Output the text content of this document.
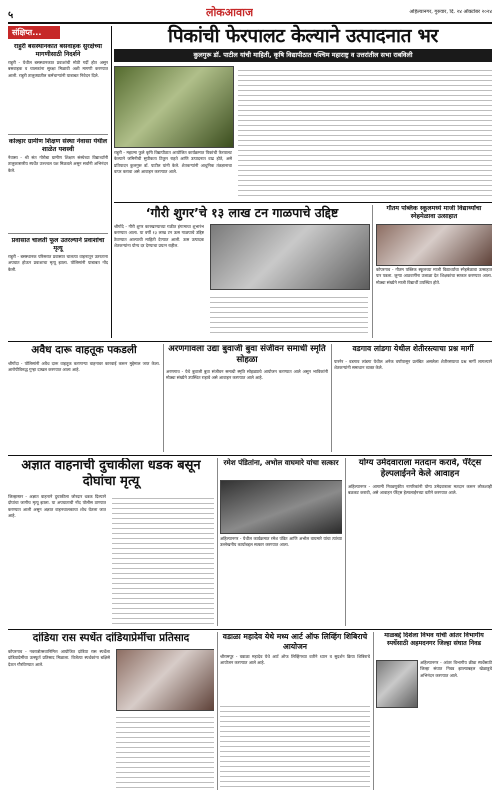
५	लोकआवाज	अहिल्यानगर, गुरुवार, दि. २४ ऑक्टोबर २०२४
संक्षिप्त...
राहुरी बसस्थानकात बसवाहक सुरक्षेच्या मागणीसाठी निदर्शने
राहुरी - येथील बसस्थानकात प्रवाशांची मोठी गर्दी होत असून बसवाहक व चालकांना सुरक्षा मिळावी अशी मागणी करण्यात आली. राहुरी तालुक्यातील कर्मचाऱ्यांनी याबाबत निवेदन दिले.
कोल्हार ग्रामीण शिक्षण संस्था नेवासा येथील शाळेत यशस्वी
नेवासा - श्री संत गोरोबा ग्रामीण शिक्षण संस्थेच्या विद्यार्थ्यांनी तालुकास्तरीय स्पर्धेत उज्ज्वल यश मिळवले असून सर्वांनी अभिनंदन केले.
प्रवासात चालती फूल उतरल्याने प्रवाशांचा मृत्यू
राहुरी - बसस्थानक परिसरात प्रवासात चालत्या वाहनातून उतरताना अपघात होऊन प्रवाशाचा मृत्यू झाला. पोलिसांनी याबाबत नोंद केली.
पिकांची फेरपालट केल्याने उत्पादनात भर
कुलगुरू डॉ. पाटील यांची माहिती, कृषि विद्यापीठात पश्चिम महाराष्ट्र व उत्तरांतील सभा राबविली
राहुरी - महात्मा फुले कृषि विद्यापीठात आयोजित कार्यक्रमात पिकांची फेरपालट केल्याने जमिनीची सुपीकता टिकून राहते आणि उत्पादनात वाढ होते, असे प्रतिपादन कुलगुरू डॉ. पाटील यांनी केले. शेतकऱ्यांनी आधुनिक तंत्रज्ञानाचा वापर करावा असे आवाहन करण्यात आले.
‘गौरी शुगर’चे १३ लाख टन गाळपाचे उद्दिष्ट
श्रीगोंदे - गौरी शुगर कारखान्याच्या गळीत हंगामाचा शुभारंभ करण्यात आला. या वर्षी १३ लाख टन ऊस गाळपाचे उद्दिष्ट ठेवण्यात आल्याची माहिती देण्यात आली. ऊस उत्पादक शेतकऱ्यांना योग्य दर देण्याचा प्रयत्न राहील.
गौतम पब्लिक स्कूलमध्ये माजी विद्यार्थ्यांचा स्नेहमेळावा उत्साहात
कोपरगाव - गौतम पब्लिक स्कूलच्या माजी विद्यार्थ्यांचा स्नेहमेळावा उत्साहात पार पडला. जुन्या आठवणींना उजाळा देत शिक्षकांचा सत्कार करण्यात आला. मोठ्या संख्येने माजी विद्यार्थी उपस्थित होते.
अवैध दारू वाहतूक पकडली
श्रीगोंदा - पोलिसांनी अवैध दारू वाहतूक करणाऱ्या वाहनावर कारवाई करून मुद्देमाल जप्त केला. आरोपीविरुद्ध गुन्हा दाखल करण्यात आला आहे.
अरणगावला उद्या बुवाजी बुवा संजीवन समाधी स्मृति सोहळा
अरणगाव - येथे बुवाजी बुवा संजीवन समाधी स्मृति सोहळ्याचे आयोजन करण्यात आले असून भाविकांनी मोठ्या संख्येने उपस्थित राहावे असे आवाहन करण्यात आले आहे.
वडगाव लांडगा येथील शेतीरस्त्याचा प्रश्न मार्गी
पारनेर - वडगाव लांडगा येथील अनेक वर्षांपासून प्रलंबित असलेला शेतीरस्त्याचा प्रश्न मार्गी लागल्याने शेतकऱ्यांनी समाधान व्यक्त केले.
अज्ञात वाहनाची दुचाकीला धडक बसून दोघांचा मृत्यू
जिल्हास्तर - अज्ञात वाहनाने दुचाकीला जोरदार धडक दिल्याने दोघांचा जागीच मृत्यू झाला. या अपघाताची नोंद पोलीस ठाण्यात करण्यात आली असून अज्ञात वाहनचालकाचा शोध घेतला जात आहे.
रमेश पंडितांना, अभोल वाघमारे यांचा सत्कार
अहिल्यानगर - येथील कार्यक्रमात रमेश पंडित आणि अभोल वाघमारे यांचा त्यांच्या उल्लेखनीय कार्याबद्दल सत्कार करण्यात आला.
योग्य उमेदवाराला मतदान करावे, पॅरेंट्स हेल्पलाईनने केले आवाहन
अहिल्यानगर - आगामी निवडणुकीत नागरिकांनी योग्य उमेदवाराला मतदान करून लोकशाही बळकट करावी, असे आवाहन पॅरेंट्स हेल्पलाईनच्या वतीने करण्यात आले.
दांडिया रास स्पर्धेत दांडियाप्रेमींचा प्रतिसाद
कोपरगाव - नवरात्रोत्सवानिमित्त आयोजित दांडिया रास स्पर्धेला दांडियाप्रेमींचा उत्स्फूर्त प्रतिसाद मिळाला. विजेत्या स्पर्धकांना बक्षिसे देऊन गौरविण्यात आले.
वडाळा महादेव येथे मध्य आर्ट ऑफ लिव्हिंग शिबिराचे आयोजन
श्रीरामपूर - वडाळा महादेव येथे आर्ट ऑफ लिव्हिंगच्या वतीने ध्यान व सुदर्शन क्रिया शिबिराचे आयोजन करण्यात आले आहे.
माळबद्दे दिशेला विभव यांची आंतर विभागीय स्पर्धेसाठी अहमदनगर जिल्हा संघात निवड
अहिल्यानगर - आंतर विभागीय क्रीडा स्पर्धेसाठी जिल्हा संघात निवड झाल्याबद्दल खेळाडूचे अभिनंदन करण्यात आले.
